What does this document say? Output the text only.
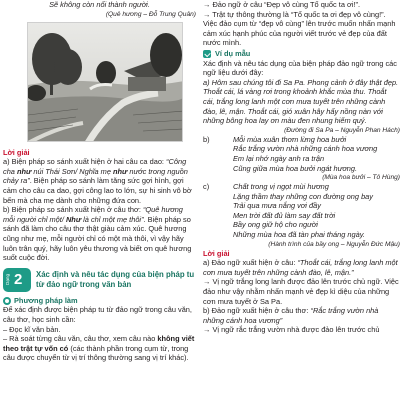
Sẽ không còn nổi thành người.

(Quê hương – Đỗ Trung Quân)

Lời giải

a) Biện pháp so sánh xuất hiện ở hai câu ca dao: “Công cha như núi Thái Sơn/ Nghĩa mẹ như nước trong nguồn chảy ra”. Biện pháp so sánh làm tăng sức gợi hình, gợi cảm cho câu ca dao, gợi công lao to lớn, sự hi sinh vô bờ bến mà cha mẹ dành cho những đứa con.

b) Biện pháp so sánh xuất hiện ở câu thơ: “Quê hương mỗi người chỉ một/ Như là chỉ một mẹ thôi”. Biện pháp so sánh đã làm cho câu thơ thật giàu cảm xúc. Quê hương cũng như mẹ, mỗi người chỉ có một mà thôi, vì vậy hãy luôn trân quý, hãy luôn yêu thương và biết ơn quê hương suốt cuộc đời.

Dạng 2 Xác định và nêu tác dụng của biện pháp tu từ đảo ngữ trong văn bản
Phương pháp làm

Để xác định được biện pháp tu từ đảo ngữ trong câu văn, câu thơ, học sinh cần:

– Đọc kĩ văn bản.

– Rà soát từng câu văn, câu thơ, xem câu nào không viết theo trật tự vốn có (các thành phần trong cụm từ, trong câu được chuyển từ vị trí thông thường sang vị trí khác).

→ Đảo ngữ ở câu “Đẹp vô cùng Tổ quốc ta ơi!”.

→ Trật tự thông thường là “Tổ quốc ta ơi đẹp vô cùng!”. Việc đảo cụm từ “đẹp vô cùng” lên trước muốn nhấn mạnh cảm xúc hạnh phúc của người viết trước vẻ đẹp của đất nước mình.

Ví dụ mẫu

Xác định và nêu tác dụng của biện pháp đảo ngữ trong các ngữ liệu dưới đây:

a) Hôm sau chúng tôi đi Sa Pa. Phong cảnh ở đây thật đẹp. Thoắt cái, lá vàng rơi trong khoảnh khắc mùa thu. Thoắt cái, trắng long lanh một cơn mưa tuyết trên những cành đào, lê, mận. Thoắt cái, gió xuân hây hẩy nồng nàn với những bông hoa lay ơn màu đen nhung hiếm quý.

(Đường đi Sa Pa – Nguyễn Phan Hách)

b)	Mỗi mùa xuân thơm lừng hoa bưởi

Rắc trắng vườn nhà những cánh hoa vương

Em lại nhớ ngày anh ra trận

Cũng giữa mùa hoa bưởi ngát hương.

(Mùa hoa bưởi – Tô Hùng)

c)	Chất trong vị ngọt mùi hương

Lặng thầm thay những con đường ong bay

Trải qua mưa nắng vơi đầy

Men trời đất đủ làm say đất trời

Bầy ong giữ hộ cho người

Những mùa hoa đã tàn phai tháng ngày.

(Hành trình của bầy ong – Nguyễn Đức Mậu)

Lời giải

a) Đảo ngữ xuất hiện ở câu: “Thoắt cái, trắng long lanh một cơn mưa tuyết trên những cành đào, lê, mận.”

→ Vị ngữ trắng long lanh được đảo lên trước chủ ngữ. Việc đảo như vậy nhằm nhấn mạnh vẻ đẹp kì diệu của những cơn mưa tuyết ở Sa Pa.

b) Đảo ngữ xuất hiện ở câu thơ: “Rắc trắng vườn nhà những cánh hoa vương”

→ Vị ngữ rắc trắng vườn nhà được đảo lên trước chủ
